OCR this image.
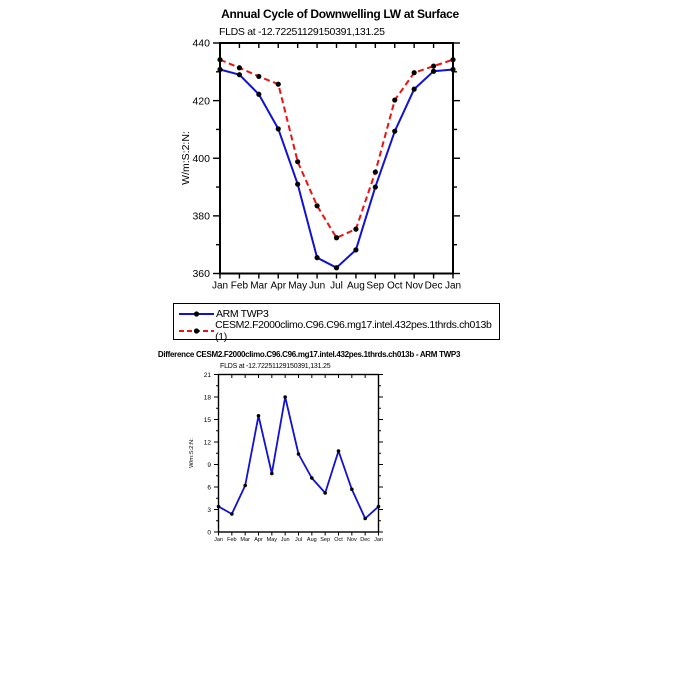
360
380
400
420
440
Jan Feb Mar Apr May Jun Jul Aug Sep Oct Nov Dec Jan
0
3
6
9
12
15
18
21
Jan Feb Mar Apr May Jun Jul Aug Sep Oct Nov Dec Jan
W/m:S:2:N:
W/m:S:2:N:
Annual Cycle of Downwelling LW at Surface
FLDS at -12.72251129150391,131.25
ARM TWP3
CESM2.F2000climo.C96.C96.mg17.intel.432pes.1thrds.ch013b (1)
Difference CESM2.F2000climo.C96.C96.mg17.intel.432pes.1thrds.ch013b - ARM TWP3
FLDS at -12.72251129150391,131.25
